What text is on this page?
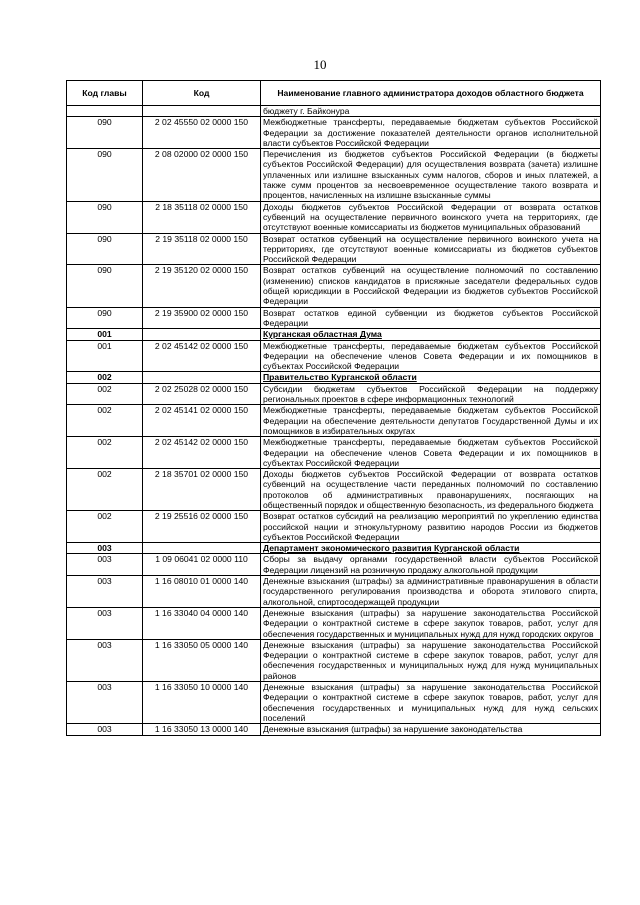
10
Код главы	Код	Наименование главного администратора доходов областного бюджета
		бюджету г. Байконура
090	2 02 45550 02 0000 150	Межбюджетные трансферты, передаваемые бюджетам субъектов Российской Федерации за достижение показателей деятельности органов исполнительной власти субъектов Российской Федерации
090	2 08 02000 02 0000 150	Перечисления из бюджетов субъектов Российской Федерации (в бюджеты субъектов Российской Федерации) для осуществления возврата (зачета) излишне уплаченных или излишне взысканных сумм налогов, сборов и иных платежей, а также сумм процентов за несвоевременное осуществление такого возврата и процентов, начисленных на излишне взысканные суммы
090	2 18 35118 02 0000 150	Доходы бюджетов субъектов Российской Федерации от возврата остатков субвенций на осуществление первичного воинского учета на территориях, где отсутствуют военные комиссариаты из бюджетов муниципальных образований
090	2 19 35118 02 0000 150	Возврат остатков субвенций на осуществление первичного воинского учета на территориях, где отсутствуют военные комиссариаты из бюджетов субъектов Российской Федерации
090	2 19 35120 02 0000 150	Возврат остатков субвенций на осуществление полномочий по составлению (изменению) списков кандидатов в присяжные заседатели федеральных судов общей юрисдикции в Российской Федерации из бюджетов субъектов Российской Федерации
090	2 19 35900 02 0000 150	Возврат остатков единой субвенции из бюджетов субъектов Российской Федерации
001		Курганская областная Дума
001	2 02 45142 02 0000 150	Межбюджетные трансферты, передаваемые бюджетам субъектов Российской Федерации на обеспечение членов Совета Федерации и их помощников в субъектах Российской Федерации
002		Правительство Курганской области
002	2 02 25028 02 0000 150	Субсидии бюджетам субъектов Российской Федерации на поддержку региональных проектов в сфере информационных технологий
002	2 02 45141 02 0000 150	Межбюджетные трансферты, передаваемые бюджетам субъектов Российской Федерации на обеспечение деятельности депутатов Государственной Думы и их помощников в избирательных округах
002	2 02 45142 02 0000 150	Межбюджетные трансферты, передаваемые бюджетам субъектов Российской Федерации на обеспечение членов Совета Федерации и их помощников в субъектах Российской Федерации
002	2 18 35701 02 0000 150	Доходы бюджетов субъектов Российской Федерации от возврата остатков субвенций на осуществление части переданных полномочий по составлению протоколов об административных правонарушениях, посягающих на общественный порядок и общественную безопасность, из федерального бюджета
002	2 19 25516 02 0000 150	Возврат остатков субсидий на реализацию мероприятий по укреплению единства российской нации и этнокультурному развитию народов России из бюджетов субъектов Российской Федерации
003		Департамент экономического развития Курганской области
003	1 09 06041 02 0000 110	Сборы за выдачу органами государственной власти субъектов Российской Федерации лицензий на розничную продажу алкогольной продукции
003	1 16 08010 01 0000 140	Денежные взыскания (штрафы) за административные правонарушения в области государственного регулирования производства и оборота этилового спирта, алкогольной, спиртосодержащей продукции
003	1 16 33040 04 0000 140	Денежные взыскания (штрафы) за нарушение законодательства Российской Федерации о контрактной системе в сфере закупок товаров, работ, услуг для обеспечения государственных и муниципальных нужд для нужд городских округов
003	1 16 33050 05 0000 140	Денежные взыскания (штрафы) за нарушение законодательства Российской Федерации о контрактной системе в сфере закупок товаров, работ, услуг для обеспечения государственных и муниципальных нужд для нужд муниципальных районов
003	1 16 33050 10 0000 140	Денежные взыскания (штрафы) за нарушение законодательства Российской Федерации о контрактной системе в сфере закупок товаров, работ, услуг для обеспечения государственных и муниципальных нужд для нужд сельских поселений
003	1 16 33050 13 0000 140	Денежные взыскания (штрафы) за нарушение законодательства
